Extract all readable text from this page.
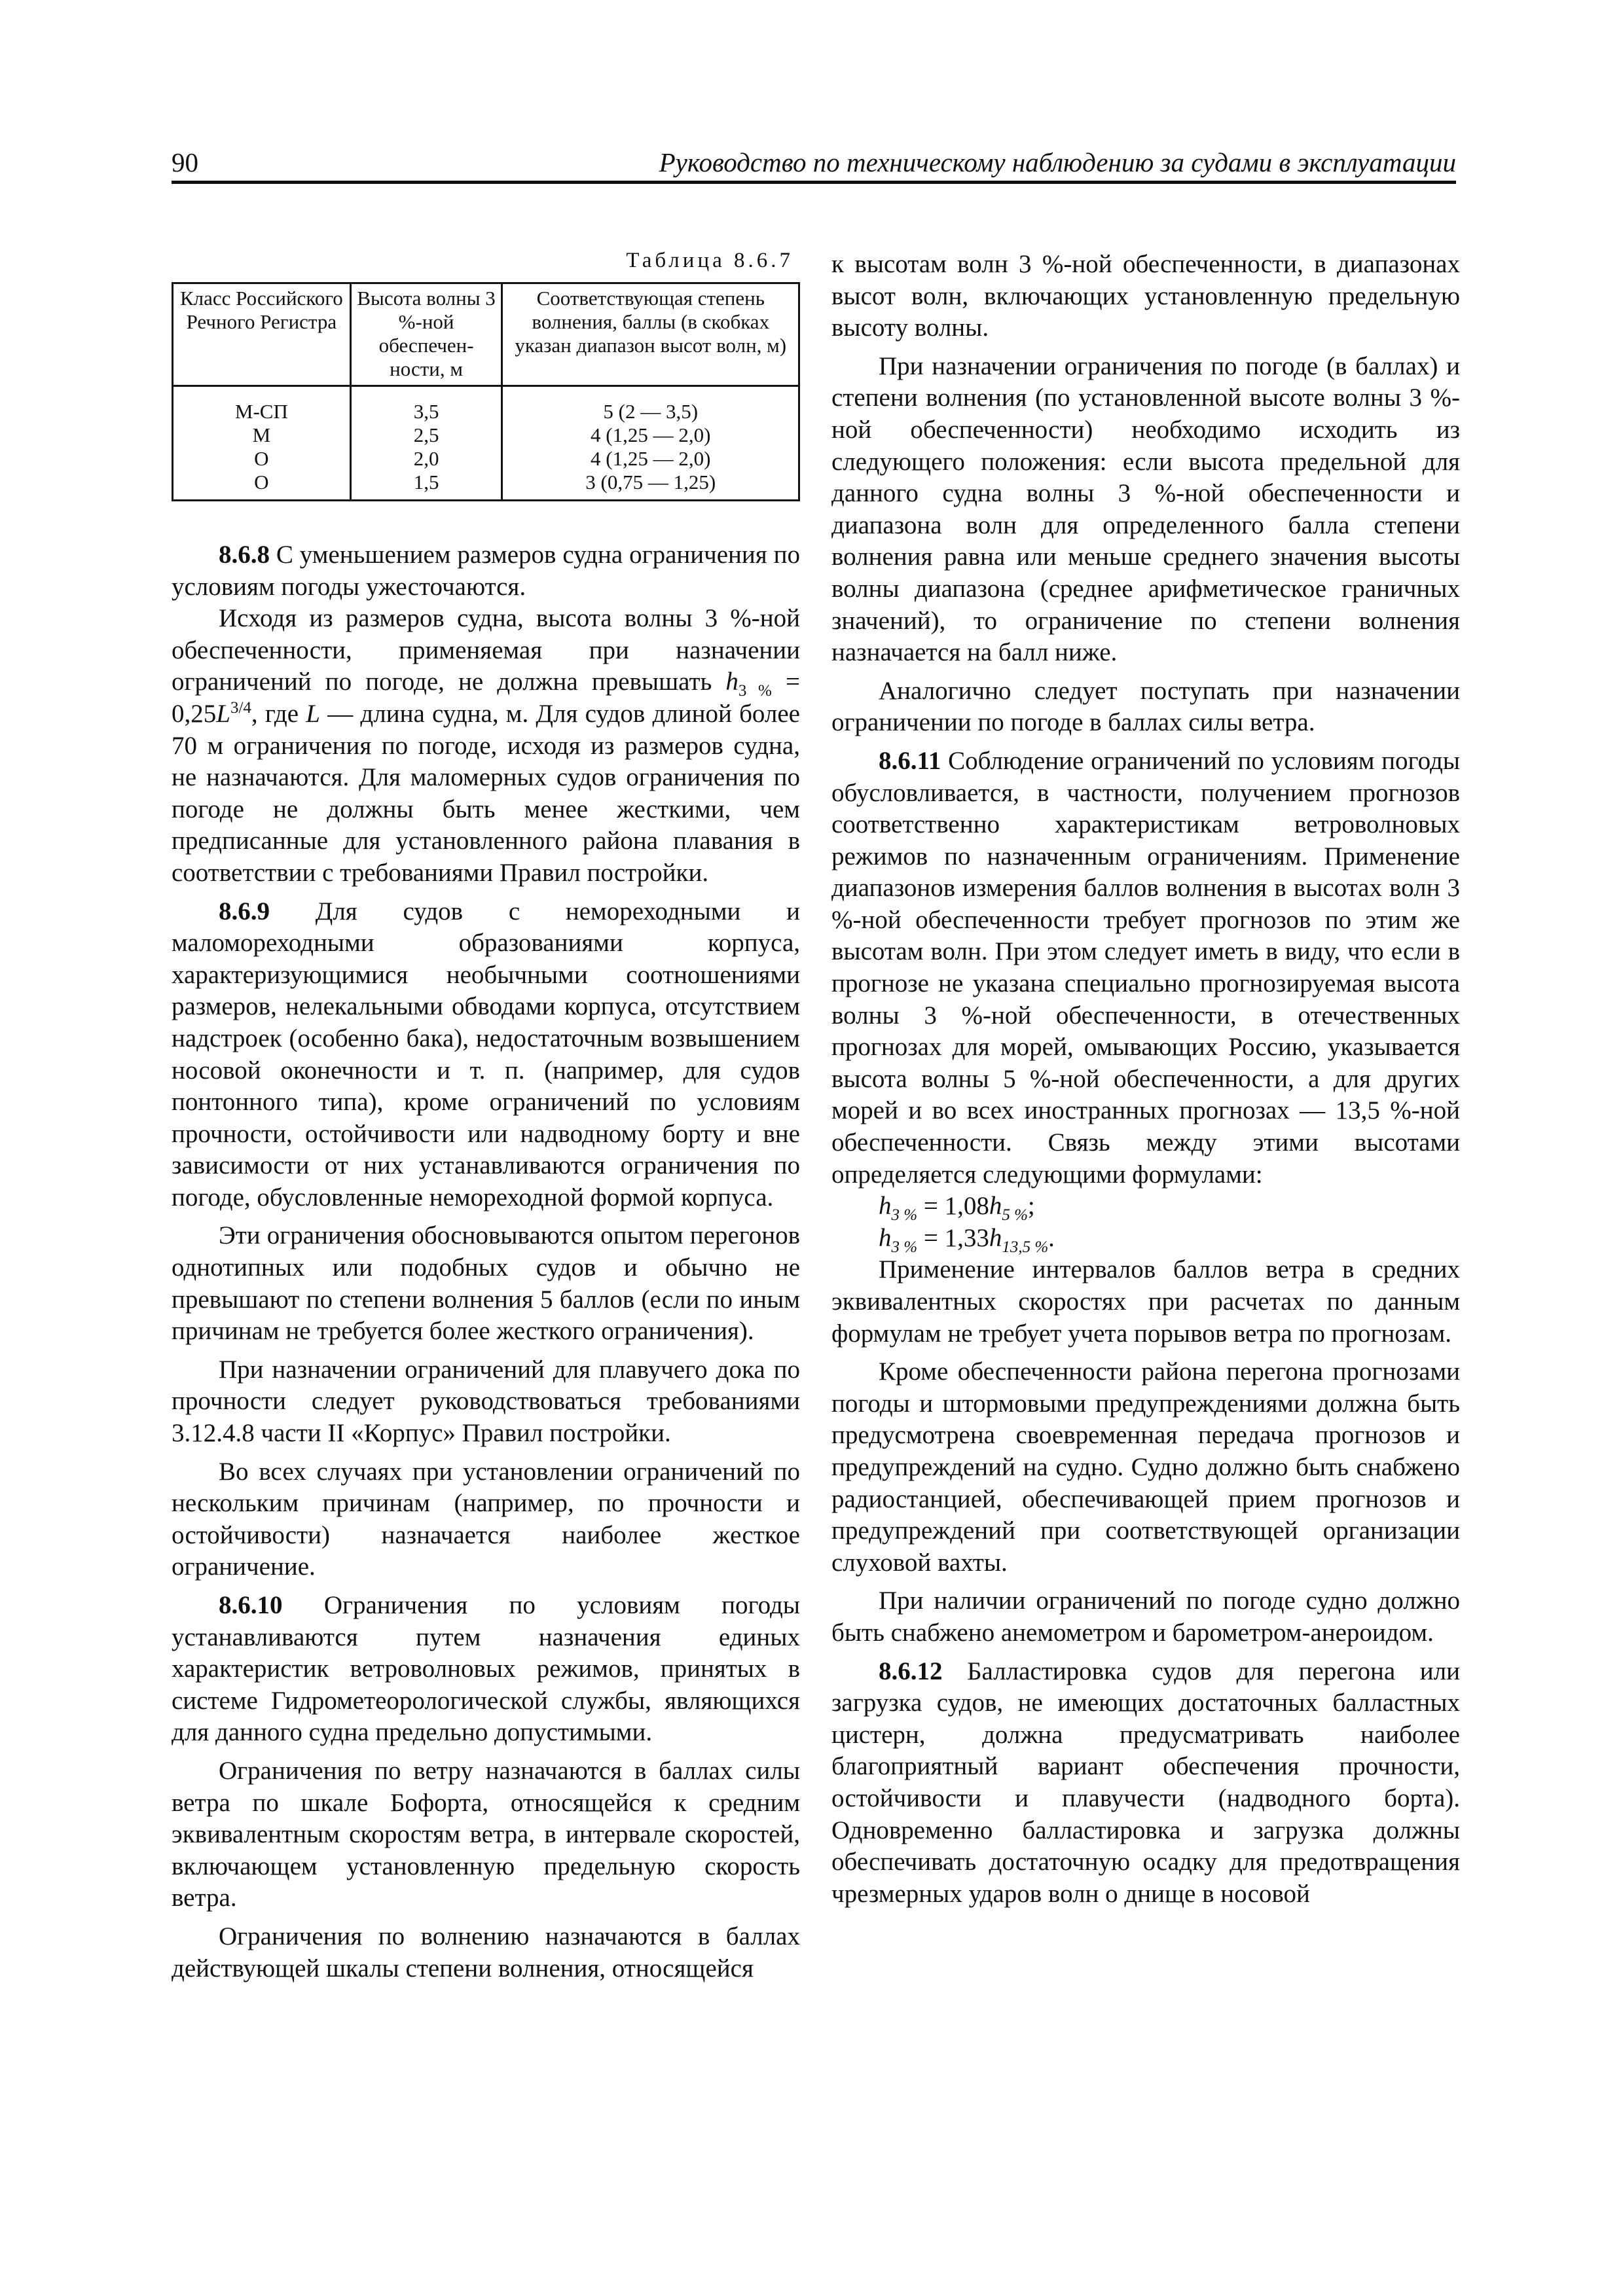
90	Руководство по техническому наблюдению за судами в эксплуатации
Таблица 8.6.7
Класс Российского Речного Регистра	Высота волны 3 %-ной обеспечен-ности, м	Соответствующая степень волнения, баллы (в скобках указан диапазон высот волн, м)
М-СП	3,5	5 (2 — 3,5)
М	2,5	4 (1,25 — 2,0)
О	2,0	4 (1,25 — 2,0)
О	1,5	3 (0,75 — 1,25)

8.6.8 С уменьшением размеров судна ограничения по условиям погоды ужесточаются.

Исходя из размеров судна, высота волны 3 %-ной обеспеченности, применяемая при назначении ограничений по погоде, не должна превышать $h_{3 \%} = 0,25L^{3/4}$, где L — длина судна, м. Для судов длиной более 70 м ограничения по погоде, исходя из размеров судна, не назначаются. Для маломерных судов ограничения по погоде не должны быть менее жесткими, чем предписанные для установленного района плавания в соответствии с требованиями Правил постройки.

8.6.9 Для судов с немореходными и маломореходными образованиями корпуса, характеризующимися необычными соотношениями размеров, нелекальными обводами корпуса, отсутствием надстроек (особенно бака), недостаточным возвышением носовой оконечности и т. п. (например, для судов понтонного типа), кроме ограничений по условиям прочности, остойчивости или надводному борту и вне зависимости от них устанавливаются ограничения по погоде, обусловленные немореходной формой корпуса.

Эти ограничения обосновываются опытом перегонов однотипных или подобных судов и обычно не превышают по степени волнения 5 баллов (если по иным причинам не требуется более жесткого ограничения).

При назначении ограничений для плавучего дока по прочности следует руководствоваться требованиями 3.12.4.8 части II «Корпус» Правил постройки.

Во всех случаях при установлении ограничений по нескольким причинам (например, по прочности и остойчивости) назначается наиболее жесткое ограничение.

8.6.10 Ограничения по условиям погоды устанавливаются путем назначения единых характеристик ветроволновых режимов, принятых в системе Гидрометеорологической службы, являющихся для данного судна предельно допустимыми.

Ограничения по ветру назначаются в баллах силы ветра по шкале Бофорта, относящейся к средним эквивалентным скоростям ветра, в интервале скоростей, включающем установленную предельную скорость ветра.

Ограничения по волнению назначаются в баллах действующей шкалы степени волнения, относящейся

к высотам волн 3 %-ной обеспеченности, в диапазонах высот волн, включающих установленную предельную высоту волны.

При назначении ограничения по погоде (в баллах) и степени волнения (по установленной высоте волны 3 %-ной обеспеченности) необходимо исходить из следующего положения: если высота предельной для данного судна волны 3 %-ной обеспеченности и диапазона волн для определенного балла степени волнения равна или меньше среднего значения высоты волны диапазона (среднее арифметическое граничных значений), то ограничение по степени волнения назначается на балл ниже.

Аналогично следует поступать при назначении ограничении по погоде в баллах силы ветра.

8.6.11 Соблюдение ограничений по условиям погоды обусловливается, в частности, получением прогнозов соответственно характеристикам ветроволновых режимов по назначенным ограничениям. Применение диапазонов измерения баллов волнения в высотах волн 3 %-ной обеспеченности требует прогнозов по этим же высотам волн. При этом следует иметь в виду, что если в прогнозе не указана специально прогнозируемая высота волны 3 %-ной обеспеченности, в отечественных прогнозах для морей, омывающих Россию, указывается высота волны 5 %-ной обеспеченности, а для других морей и во всех иностранных прогнозах — 13,5 %-ной обеспеченности. Связь между этими высотами определяется следующими формулами:

$h_{3 \%} = 1,08h_{5 \%}$;

$h_{3 \%} = 1,33h_{13,5 \%}$.

Применение интервалов баллов ветра в средних эквивалентных скоростях при расчетах по данным формулам не требует учета порывов ветра по прогнозам.

Кроме обеспеченности района перегона прогнозами погоды и штормовыми предупреждениями должна быть предусмотрена своевременная передача прогнозов и предупреждений на судно. Судно должно быть снабжено радиостанцией, обеспечивающей прием прогнозов и предупреждений при соответствующей организации слуховой вахты.

При наличии ограничений по погоде судно должно быть снабжено анемометром и барометром-анероидом.

8.6.12 Балластировка судов для перегона или загрузка судов, не имеющих достаточных балластных цистерн, должна предусматривать наиболее благоприятный вариант обеспечения прочности, остойчивости и плавучести (надводного борта). Одновременно балластировка и загрузка должны обеспечивать достаточную осадку для предотвращения чрезмерных ударов волн о днище в носовой
